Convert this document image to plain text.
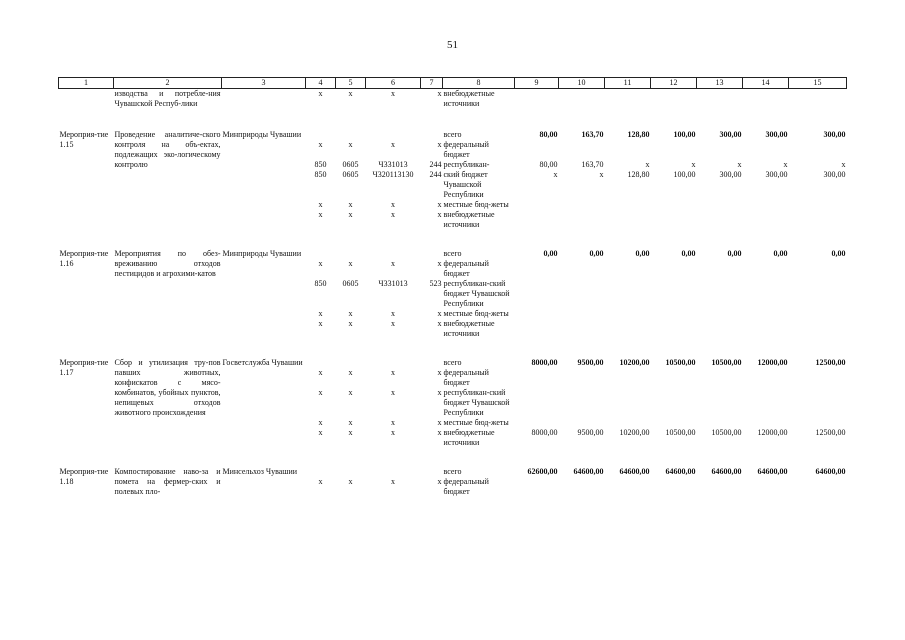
51
1	2	3	4	5	6	7	8	9	10	11	12	13	14	15
	изводства и потребле-ния Чувашской Респуб-лики		x	x	x	x	внебюджетные источники							

Мероприя-тие 1.15	Проведение аналитиче-ского контроля на объ-ектах, подлежащих эко-логическому контролю	Минприроды Чувашии					всего	80,00	163,70	128,80	100,00	300,00	300,00	300,00
			x	x	x	x	федеральный бюджет							
			850	0605	Ч331013	244	республикан-	80,00	163,70	x	x	x	x	x
			850	0605	Ч320113130	244	ский бюджет Чувашской Республики	x	x	128,80	100,00	300,00	300,00	300,00
			x	x	x	x	местные бюд-жеты							
			x	x	x	x	внебюджетные источники							

Мероприя-тие 1.16	Мероприятия по обез-вреживанию отходов пестицидов и агрохими-катов	Минприроды Чувашии					всего	0,00	0,00	0,00	0,00	0,00	0,00	0,00
			x	x	x	x	федеральный бюджет							
			850	0605	Ч331013	523	республикан-ский бюджет Чувашской Республики							
			x	x	x	x	местные бюд-жеты							
			x	x	x	x	внебюджетные источники							

Мероприя-тие 1.17	Сбор и утилизация тру-пов павших животных, конфискатов с мясо-комбинатов, убойных пунктов, непищевых отходов животного происхождения	Госветслужба Чувашии					всего	8000,00	9500,00	10200,00	10500,00	10500,00	12000,00	12500,00
			x	x	x	x	федеральный бюджет							
			x	x	x	x	республикан-ский бюджет Чувашской Республики							
			x	x	x	x	местные бюд-жеты							
			x	x	x	x	внебюджетные источники	8000,00	9500,00	10200,00	10500,00	10500,00	12000,00	12500,00

Мероприя-тие 1.18	Компостирование наво-за и помета на фермер-ских и полевых пло-	Минсельхоз Чувашии					всего	62600,00	64600,00	64600,00	64600,00	64600,00	64600,00	64600,00
			x	x	x	x	федеральный бюджет							
